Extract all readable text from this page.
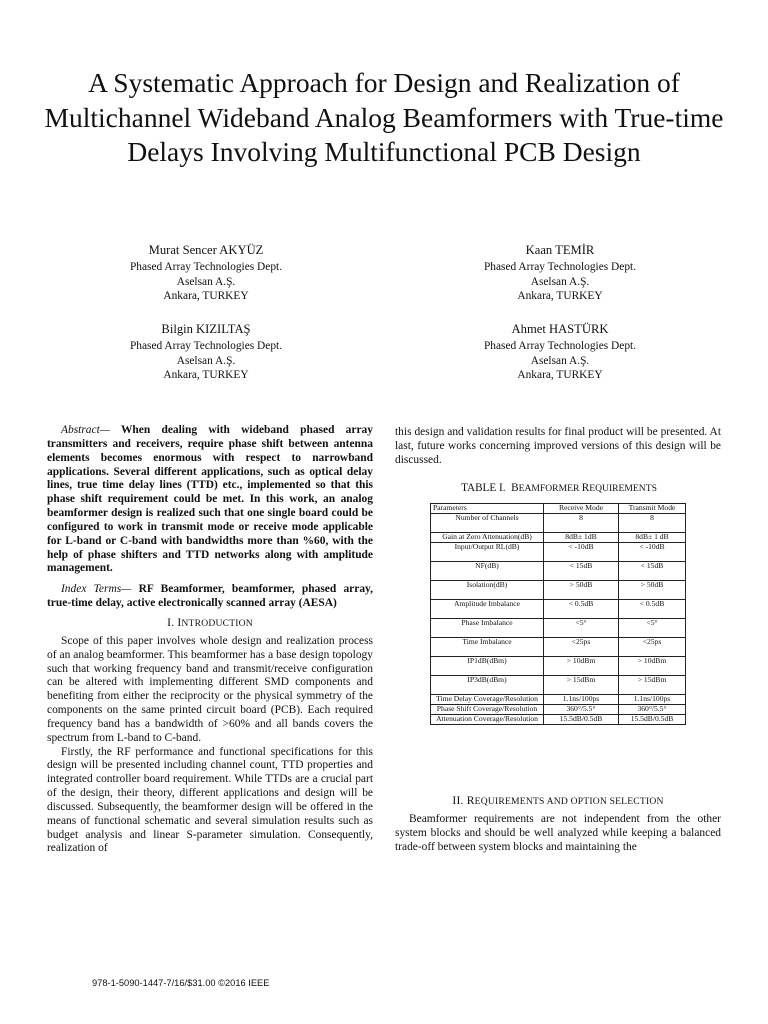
A Systematic Approach for Design and Realization of Multichannel Wideband Analog Beamformers with True-time Delays Involving Multifunctional PCB Design
Murat Sencer AKYÜZ
Phased Array Technologies Dept.
Aselsan A.Ş.
Ankara, TURKEY
Kaan TEMİR
Phased Array Technologies Dept.
Aselsan A.Ş.
Ankara, TURKEY
Bilgin KIZILTAŞ
Phased Array Technologies Dept.
Aselsan A.Ş.
Ankara, TURKEY
Ahmet HASTÜRK
Phased Array Technologies Dept.
Aselsan A.Ş.
Ankara, TURKEY

Abstract— When dealing with wideband phased array transmitters and receivers, require phase shift between antenna elements becomes enormous with respect to narrowband applications. Several different applications, such as optical delay lines, true time delay lines (TTD) etc., implemented so that this phase shift requirement could be met. In this work, an analog beamformer design is realized such that one single board could be configured to work in transmit mode or receive mode applicable for L-band or C-band with bandwidths more than %60, with the help of phase shifters and TTD networks along with amplitude management.

Index Terms— RF Beamformer, beamformer, phased array, true-time delay, active electronically scanned array (AESA)

I. INTRODUCTION

Scope of this paper involves whole design and realization process of an analog beamformer. This beamformer has a base design topology such that working frequency band and transmit/receive configuration can be altered with implementing different SMD components and benefiting from either the reciprocity or the physical symmetry of the components on the same printed circuit board (PCB). Each required frequency band has a bandwidth of >60% and all bands covers the spectrum from L-band to C-band.

Firstly, the RF performance and functional specifications for this design will be presented including channel count, TTD properties and integrated controller board requirement. While TTDs are a crucial part of the design, their theory, different applications and design will be discussed. Subsequently, the beamformer design will be offered in the means of functional schematic and several simulation results such as budget analysis and linear S-parameter simulation. Consequently, realization of

this design and validation results for final product will be presented. At last, future works concerning improved versions of this design will be discussed.

TABLE I. BEAMFORMER REQUIREMENTS
Parameters	Receive Mode	Transmit Mode
Number of Channels	8	8
Gain at Zero Attenuation(dB)	8dB± 1dB	8dB± 1 dB
Input/Output RL(dB)	< -10dB	< -10dB
NF(dB)	< 15dB	< 15dB
Isolation(dB)	> 50dB	> 50dB
Amplitude Imbalance	< 0.5dB	< 0.5dB
Phase Imbalance	<5°	<5°
Time Imbalance	<25ps	<25ps
IP1dB(dBm)	> 10dBm	> 10dBm
IP3dB(dBm)	> 15dBm	> 15dBm
Time Delay Coverage/Resolution	1.1ns/100ps	1.1ns/100ps
Phase Shift Coverage/Resolution	360°/5.5°	360°/5.5°
Attenuation Coverage/Resolution	15.5dB/0.5dB	15.5dB/0.5dB
II. REQUIREMENTS AND OPTION SELECTION

Beamformer requirements are not independent from the other system blocks and should be well analyzed while keeping a balanced trade-off between system blocks and maintaining the

978-1-5090-1447-7/16/$31.00 ©2016 IEEE
